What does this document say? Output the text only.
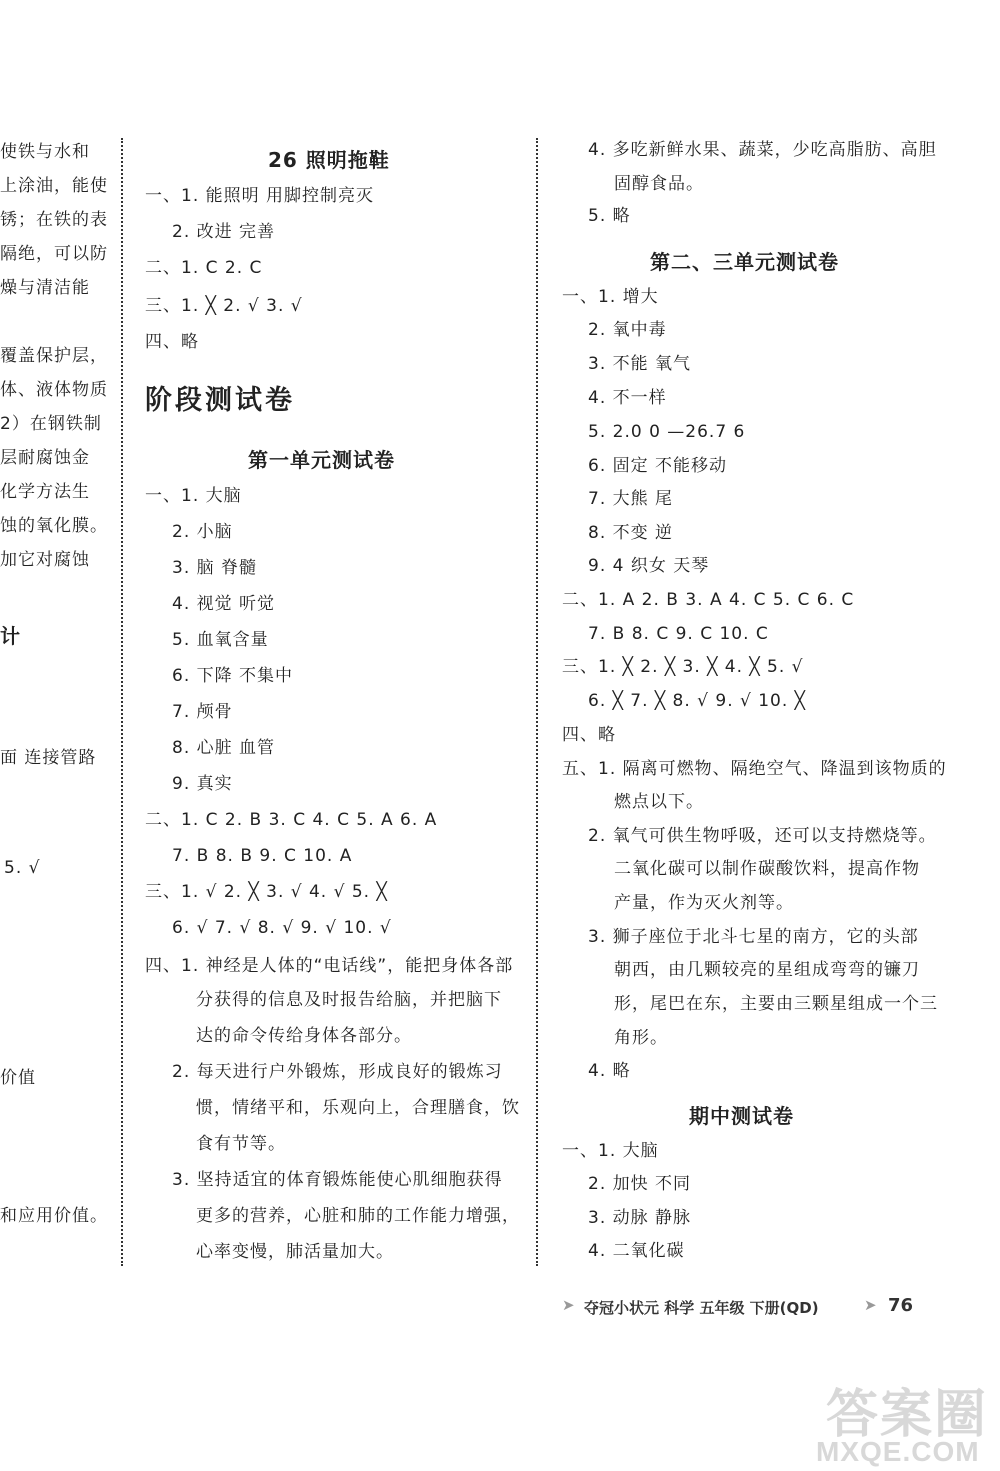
使铁与水和
上涂油，能使
锈；在铁的表
隔绝，可以防
燥与清洁能
覆盖保护层，
体、液体物质
2）在钢铁制
层耐腐蚀金
化学方法生
蚀的氧化膜。
加它对腐蚀
计
面 连接管路
5. √
价值
和应用价值。
26 照明拖鞋
一、1. 能照明 用脚控制亮灭
2. 改进 完善
二、1. C 2. C
三、1. ╳ 2. √ 3. √
四、略
阶段测试卷
第一单元测试卷
一、1. 大脑
2. 小脑
3. 脑 脊髓
4. 视觉 听觉
5. 血氧含量
6. 下降 不集中
7. 颅骨
8. 心脏 血管
9. 真实
二、1. C 2. B 3. C 4. C 5. A 6. A
7. B 8. B 9. C 10. A
三、1. √ 2. ╳ 3. √ 4. √ 5. ╳
6. √ 7. √ 8. √ 9. √ 10. √
四、1. 神经是人体的“电话线”，能把身体各部
分获得的信息及时报告给脑，并把脑下
达的命令传给身体各部分。
2. 每天进行户外锻炼，形成良好的锻炼习
惯，情绪平和，乐观向上，合理膳食，饮
食有节等。
3. 坚持适宜的体育锻炼能使心肌细胞获得
更多的营养，心脏和肺的工作能力增强，
心率变慢，肺活量加大。
4. 多吃新鲜水果、蔬菜，少吃高脂肪、高胆
固醇食品。
5. 略
第二、三单元测试卷
一、1. 增大
2. 氧中毒
3. 不能 氧气
4. 不一样
5. 2.0 0 —26.7 6
6. 固定 不能移动
7. 大熊 尾
8. 不变 逆
9. 4 织女 天琴
二、1. A 2. B 3. A 4. C 5. C 6. C
7. B 8. C 9. C 10. C
三、1. ╳ 2. ╳ 3. ╳ 4. ╳ 5. √
6. ╳ 7. ╳ 8. √ 9. √ 10. ╳
四、略
五、1. 隔离可燃物、隔绝空气、降温到该物质的
燃点以下。
2. 氧气可供生物呼吸，还可以支持燃烧等。
二氧化碳可以制作碳酸饮料，提高作物
产量，作为灭火剂等。
3. 狮子座位于北斗七星的南方，它的头部
朝西，由几颗较亮的星组成弯弯的镰刀
形，尾巴在东，主要由三颗星组成一个三
角形。
4. 略
期中测试卷
一、1. 大脑
2. 加快 不同
3. 动脉 静脉
4. 二氧化碳
➤ 夺冠小状元 科学 五年级 下册(QD)	➤ 76
答案圈
MXQE.COM
